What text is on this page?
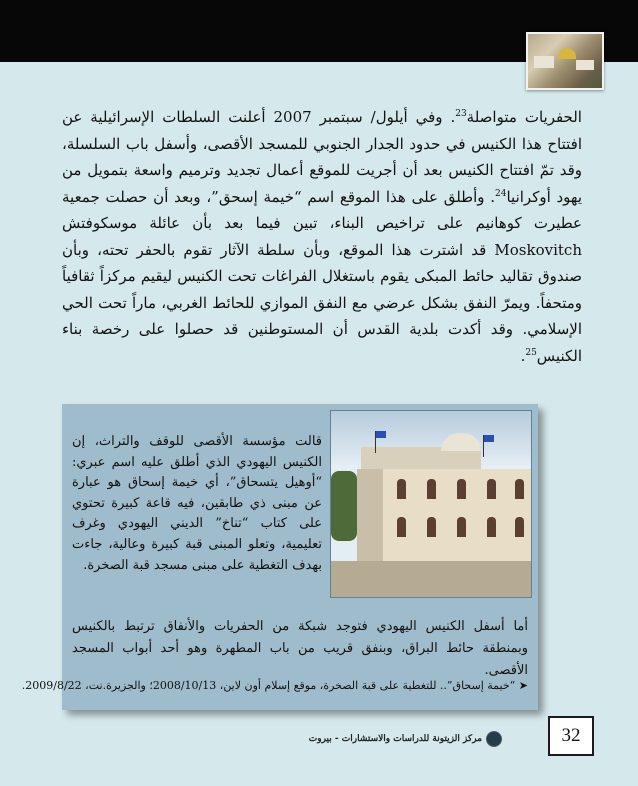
الحفريات متواصلة$^{23}$. وفي أيلول/ سبتمبر 2007 أعلنت السلطات الإسرائيلية عن افتتاح هذا الكنيس في حدود الجدار الجنوبي للمسجد الأقصى، وأسفل باب السلسلة، وقد تمّ افتتاح الكنيس بعد أن أجريت للموقع أعمال تجديد وترميم واسعة بتمويل من يهود أوكرانيا$^{24}$. وأطلق على هذا الموقع اسم “خيمة إسحق”، وبعد أن حصلت جمعية عطيرت كوهانيم على تراخيص البناء، تبين فيما بعد بأن عائلة موسكوفتش Moskovitch قد اشترت هذا الموقع، وبأن سلطة الآثار تقوم بالحفر تحته، وبأن صندوق تقاليد حائط المبكى يقوم باستغلال الفراغات تحت الكنيس ليقيم مركزاً ثقافياً ومتحفاً. ويمرّ النفق بشكل عرضي مع النفق الموازي للحائط الغربي، ماراً تحت الحي الإسلامي. وقد أكدت بلدية القدس أن المستوطنين قد حصلوا على رخصة بناء الكنيس$^{25}$.

قالت مؤسسة الأقصى للوقف والتراث، إن الكنيس اليهودي الذي أطلق عليه اسم عبري: “أوهيل يتسحاق”، أي خيمة إسحاق هو عبارة عن مبنى ذي طابقين، فيه قاعة كبيرة تحتوي على كتاب “تناخ” الديني اليهودي وغرف تعليمية، وتعلو المبنى قبة كبيرة وعالية، جاءت بهدف التغطية على مبنى مسجد قبة الصخرة.

أما أسفل الكنيس اليهودي فتوجد شبكة من الحفريات والأنفاق ترتبط بالكنيس وبمنطقة حائط البراق، وبنفق قريب من باب المطهرة وهو أحد أبواب المسجد الأقصى.

➤ “خيمة إسحاق”.. للتغطية على قبة الصخرة، موقع إسلام أون لاين، 2008/10/13؛ والجزيرة.نت، 2009/8/22.

مركز الزيتونة للدراسات والاستشارات - بيروت	32
